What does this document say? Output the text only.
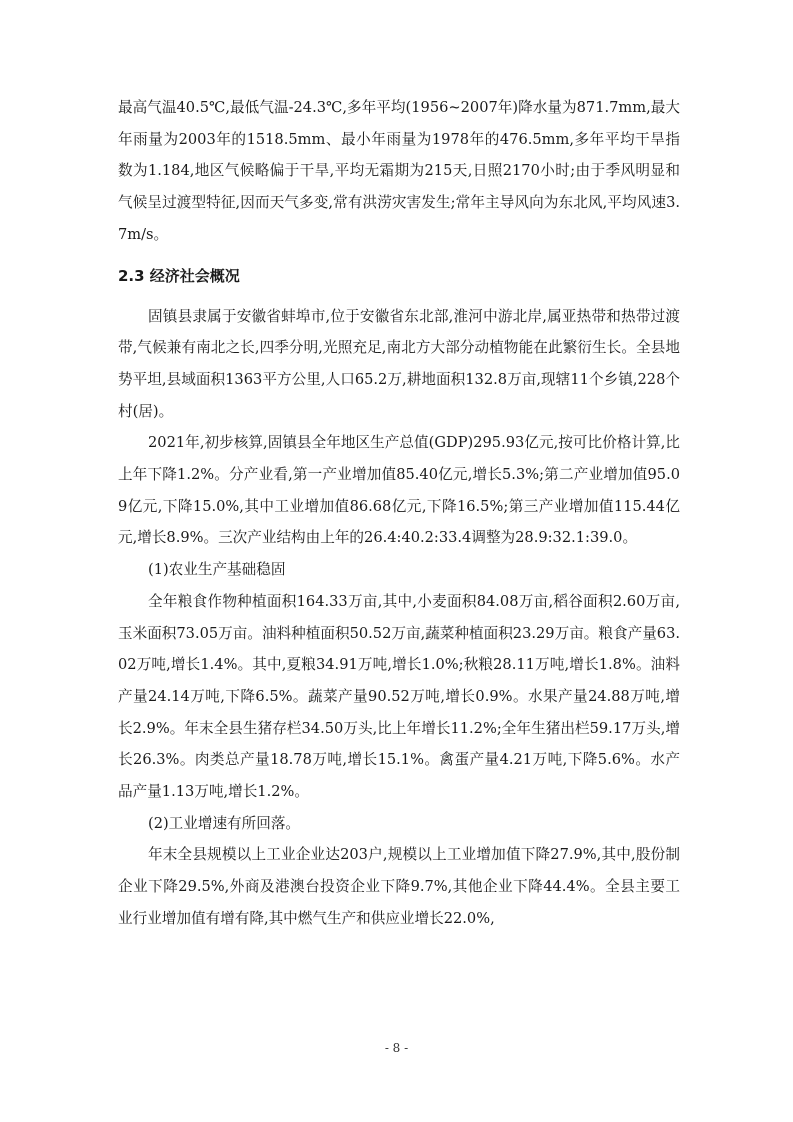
最高气温40.5℃,最低气温-24.3℃,多年平均(1956~2007年)降水量为871.7mm,最大年雨量为2003年的1518.5mm、最小年雨量为1978年的476.5mm,多年平均干旱指数为1.184,地区气候略偏于干旱,平均无霜期为215天,日照2170小时;由于季风明显和气候呈过渡型特征,因而天气多变,常有洪涝灾害发生;常年主导风向为东北风,平均风速3.7m/s。

2.3 经济社会概况

固镇县隶属于安徽省蚌埠市,位于安徽省东北部,淮河中游北岸,属亚热带和热带过渡带,气候兼有南北之长,四季分明,光照充足,南北方大部分动植物能在此繁衍生长。全县地势平坦,县域面积1363平方公里,人口65.2万,耕地面积132.8万亩,现辖11个乡镇,228个村(居)。

2021年,初步核算,固镇县全年地区生产总值(GDP)295.93亿元,按可比价格计算,比上年下降1.2%。分产业看,第一产业增加值85.40亿元,增长5.3%;第二产业增加值95.09亿元,下降15.0%,其中工业增加值86.68亿元,下降16.5%;第三产业增加值115.44亿元,增长8.9%。三次产业结构由上年的26.4:40.2:33.4调整为28.9:32.1:39.0。

(1)农业生产基础稳固

全年粮食作物种植面积164.33万亩,其中,小麦面积84.08万亩,稻谷面积2.60万亩,玉米面积73.05万亩。油料种植面积50.52万亩,蔬菜种植面积23.29万亩。粮食产量63.02万吨,增长1.4%。其中,夏粮34.91万吨,增长1.0%;秋粮28.11万吨,增长1.8%。油料产量24.14万吨,下降6.5%。蔬菜产量90.52万吨,增长0.9%。水果产量24.88万吨,增长2.9%。年末全县生猪存栏34.50万头,比上年增长11.2%;全年生猪出栏59.17万头,增长26.3%。肉类总产量18.78万吨,增长15.1%。禽蛋产量4.21万吨,下降5.6%。水产品产量1.13万吨,增长1.2%。

(2)工业增速有所回落。

年末全县规模以上工业企业达203户,规模以上工业增加值下降27.9%,其中,股份制企业下降29.5%,外商及港澳台投资企业下降9.7%,其他企业下降44.4%。全县主要工业行业增加值有增有降,其中燃气生产和供应业增长22.0%,

- 8 -
